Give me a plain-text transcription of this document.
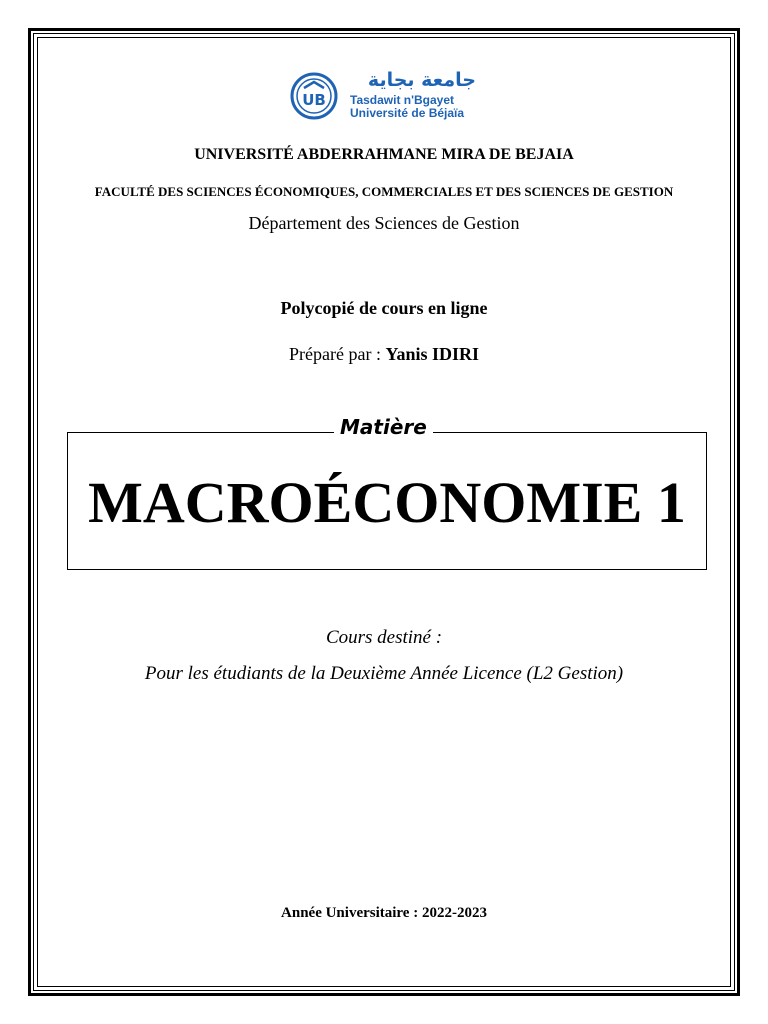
UB
جامعة بجاية
Tasdawit n'Bgayet
Université de Béjaïa
UNIVERSITÉ ABDERRAHMANE MIRA DE BEJAIA
FACULTÉ DES SCIENCES ÉCONOMIQUES, COMMERCIALES ET DES SCIENCES DE GESTION
Département des Sciences de Gestion
Polycopié de cours en ligne
Préparé par : Yanis IDIRI
Matière
MACROÉCONOMIE 1
Cours destiné :
Pour les étudiants de la Deuxième Année Licence (L2 Gestion)
Année Universitaire : 2022-2023
